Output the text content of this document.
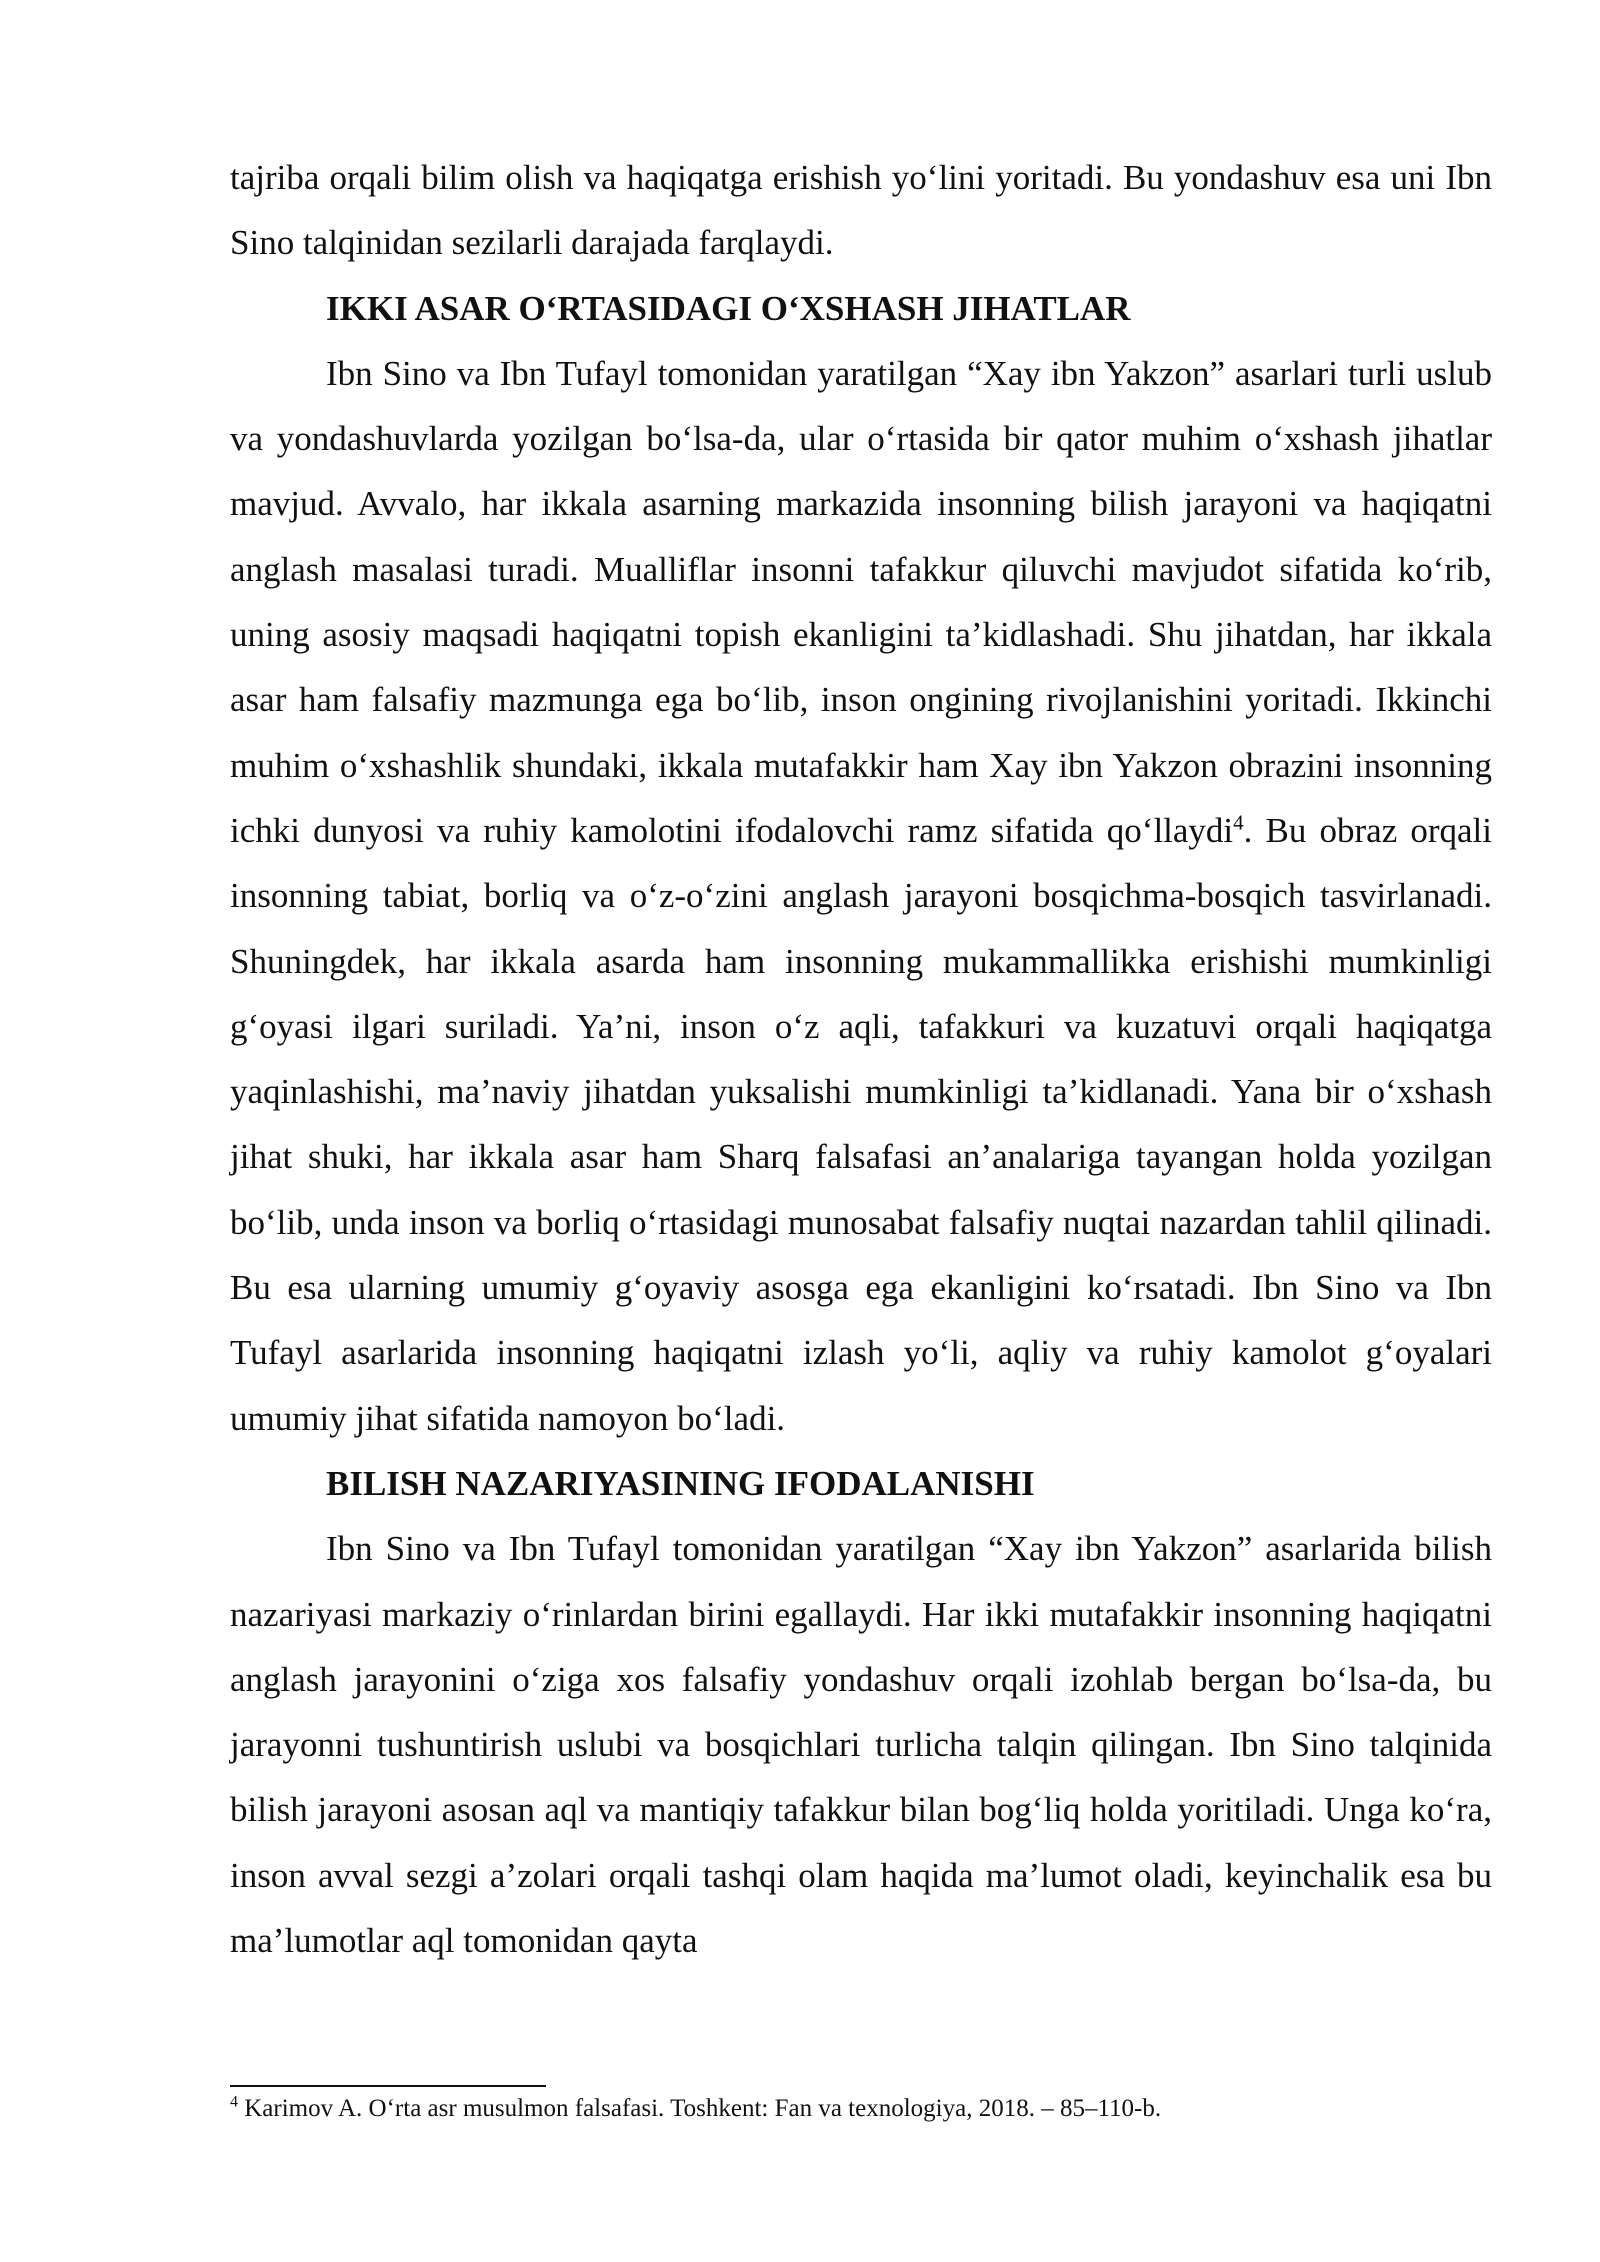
tajriba orqali bilim olish va haqiqatga erishish yo‘lini yoritadi. Bu yondashuv esa uni Ibn Sino talqinidan sezilarli darajada farqlaydi.

IKKI ASAR O‘RTASIDAGI O‘XSHASH JIHATLAR

Ibn Sino va Ibn Tufayl tomonidan yaratilgan “Xay ibn Yakzon” asarlari turli uslub va yondashuvlarda yozilgan bo‘lsa-da, ular o‘rtasida bir qator muhim o‘xshash jihatlar mavjud. Avvalo, har ikkala asarning markazida insonning bilish jarayoni va haqiqatni anglash masalasi turadi. Mualliflar insonni tafakkur qiluvchi mavjudot sifatida ko‘rib, uning asosiy maqsadi haqiqatni topish ekanligini ta’kidlashadi. Shu jihatdan, har ikkala asar ham falsafiy mazmunga ega bo‘lib, inson ongining rivojlanishini yoritadi. Ikkinchi muhim o‘xshashlik shundaki, ikkala mutafakkir ham Xay ibn Yakzon obrazini insonning ichki dunyosi va ruhiy kamolotini ifodalovchi ramz sifatida qo‘llaydi$^4$. Bu obraz orqali insonning tabiat, borliq va o‘z-o‘zini anglash jarayoni bosqichma-bosqich tasvirlanadi. Shuningdek, har ikkala asarda ham insonning mukammallikka erishishi mumkinligi g‘oyasi ilgari suriladi. Ya’ni, inson o‘z aqli, tafakkuri va kuzatuvi orqali haqiqatga yaqinlashishi, ma’naviy jihatdan yuksalishi mumkinligi ta’kidlanadi. Yana bir o‘xshash jihat shuki, har ikkala asar ham Sharq falsafasi an’analariga tayangan holda yozilgan bo‘lib, unda inson va borliq o‘rtasidagi munosabat falsafiy nuqtai nazardan tahlil qilinadi. Bu esa ularning umumiy g‘oyaviy asosga ega ekanligini ko‘rsatadi. Ibn Sino va Ibn Tufayl asarlarida insonning haqiqatni izlash yo‘li, aqliy va ruhiy kamolot g‘oyalari umumiy jihat sifatida namoyon bo‘ladi.

BILISH NAZARIYASINING IFODALANISHI

Ibn Sino va Ibn Tufayl tomonidan yaratilgan “Xay ibn Yakzon” asarlarida bilish nazariyasi markaziy o‘rinlardan birini egallaydi. Har ikki mutafakkir insonning haqiqatni anglash jarayonini o‘ziga xos falsafiy yondashuv orqali izohlab bergan bo‘lsa-da, bu jarayonni tushuntirish uslubi va bosqichlari turlicha talqin qilingan. Ibn Sino talqinida bilish jarayoni asosan aql va mantiqiy tafakkur bilan bog‘liq holda yoritiladi. Unga ko‘ra, inson avval sezgi a’zolari orqali tashqi olam haqida ma’lumot oladi, keyinchalik esa bu ma’lumotlar aql tomonidan qayta

$^4$ Karimov A. O‘rta asr musulmon falsafasi. Toshkent: Fan va texnologiya, 2018. – 85–110-b.
